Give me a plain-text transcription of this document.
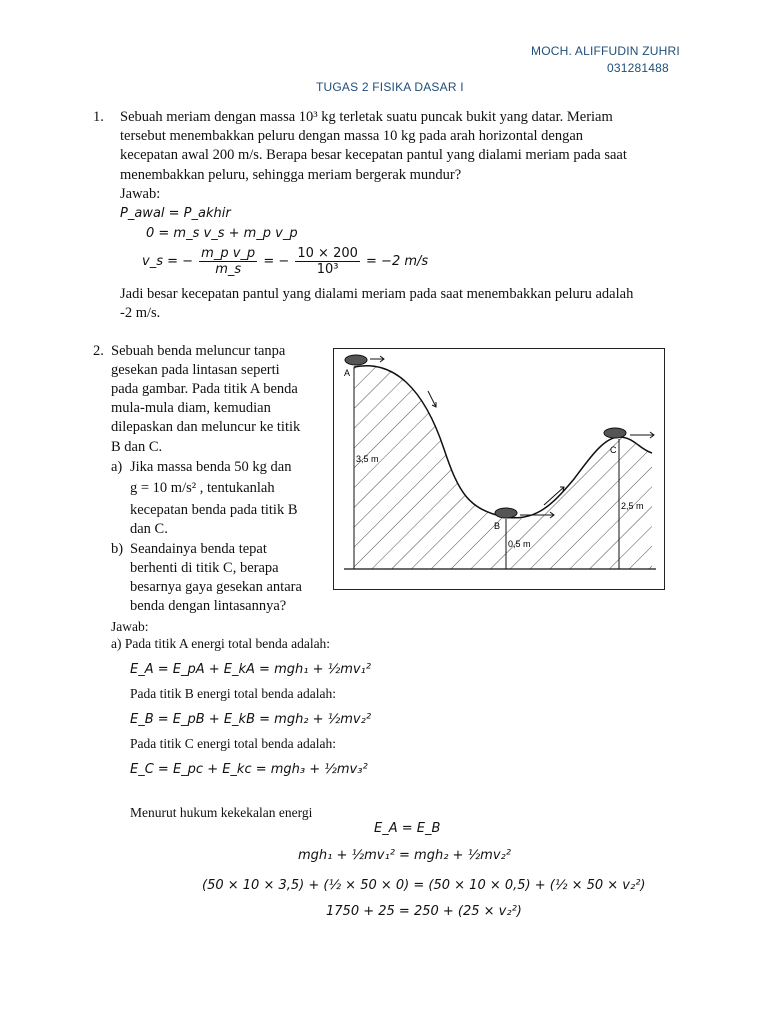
MOCH. ALIFFUDIN ZUHRI
031281488
TUGAS 2 FISIKA DASAR I
1. Sebuah meriam dengan massa 10³ kg terletak suatu puncak bukit yang datar. Meriam
tersebut menembakkan peluru dengan massa 10 kg pada arah horizontal dengan
kecepatan awal 200 m/s. Berapa besar kecepatan pantul yang dialami meriam pada saat
menembakkan peluru, sehingga meriam bergerak mundur?
Jawab:
P_awal = P_akhir
0 = m_s v_s + m_p v_p
v_s = − $\frac{\text{m\_p v\_p}}{m\_s}$ = − $\frac{10 \times 200}{\text{10³}} = -2$ m/s
Jadi besar kecepatan pantul yang dialami meriam pada saat menembakkan peluru adalah
-2 m/s.
2. Sebuah benda meluncur tanpa
gesekan pada lintasan seperti
pada gambar. Pada titik A benda
mula-mula diam, kemudian
dilepaskan dan meluncur ke titik
B dan C.
a) Jika massa benda 50 kg dan
g = 10 m/s² , tentukanlah
kecepatan benda pada titik B
dan C.
b) Seandainya benda tepat
berhenti di titik C, berapa
besarnya gaya gesekan antara
benda dengan lintasannya?
A
B
C
3,5 m
0,5 m
2,5 m
Jawab:
a) Pada titik A energi total benda adalah:
E_A = E_pA + E_kA = mgh₁ + ½mv₁²
Pada titik B energi total benda adalah:
E_B = E_pB + E_kB = mgh₂ + ½mv₂²
Pada titik C energi total benda adalah:
E_C = E_pc + E_kc = mgh₃ + ½mv₃²
Menurut hukum kekekalan energi
E_A = E_B
mgh₁ + ½mv₁² = mgh₂ + ½mv₂²
(50 × 10 × 3,5) + (½ × 50 × 0) = (50 × 10 × 0,5) + (½ × 50 × v₂²)
1750 + 25 = 250 + (25 × v₂²)
